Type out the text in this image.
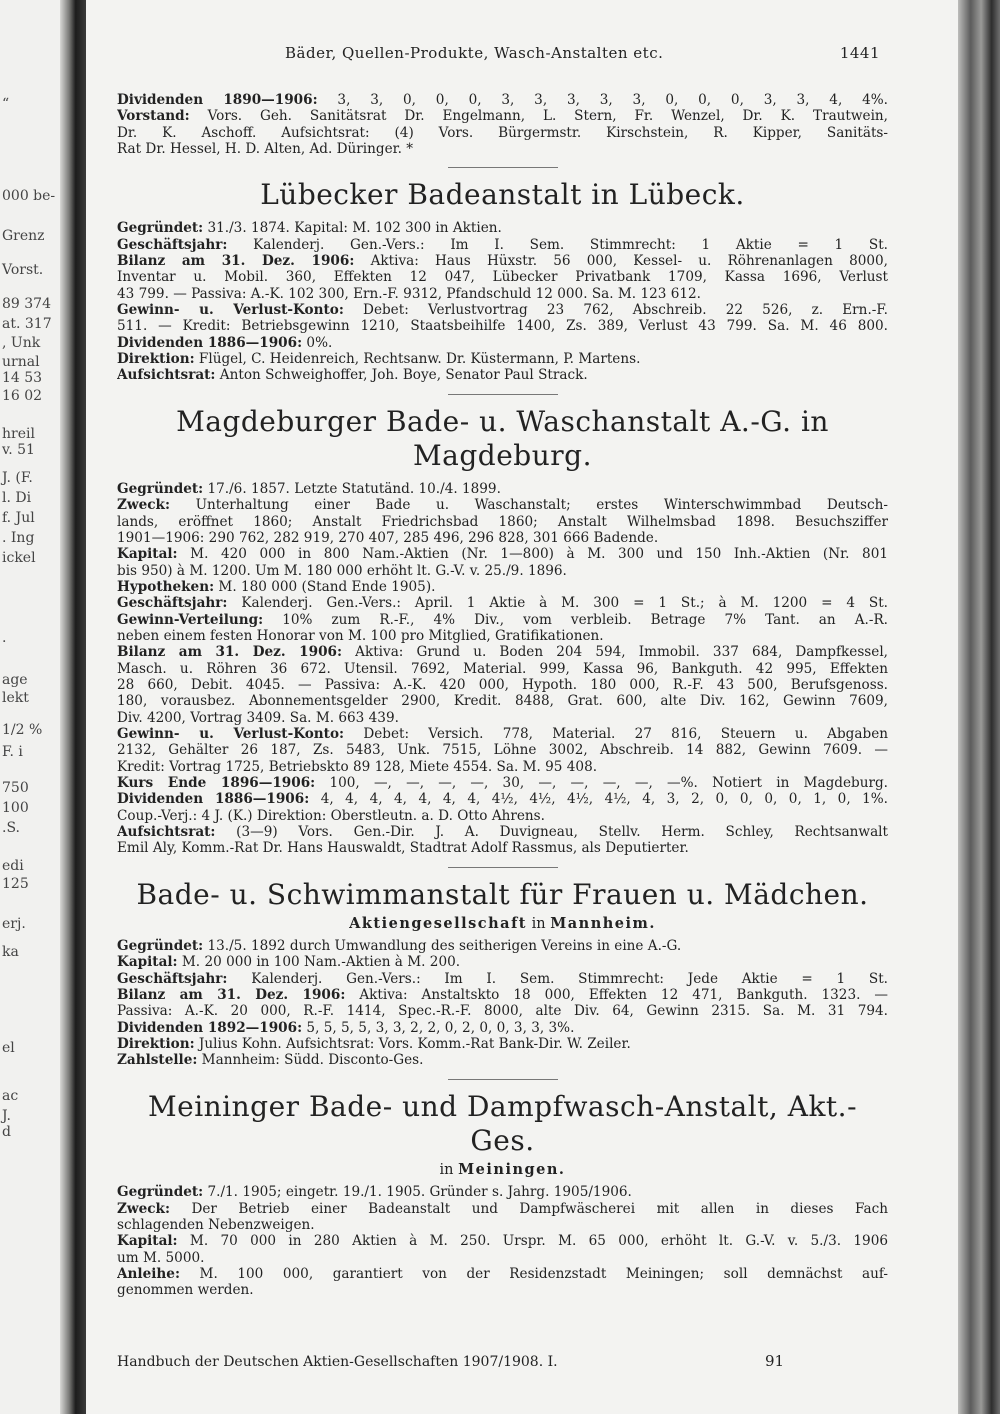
“
000 be-
Grenz
Vorst.
89 374
at. 317
, Unk
urnal
14 53
16 02
hreil
v. 51
J. (F.
l. Di
f. Jul
. Ing
ickel
.
age
lekt
1/2 %
F. i
750
100
.S.
edi
125
erj.
ka
el
ac
J.
d
Bäder, Quellen-Produkte, Wasch-Anstalten etc.	1441

Dividenden 1890—1906: 3, 3, 0, 0, 0, 3, 3, 3, 3, 3, 0, 0, 0, 3, 3, 4, 4%.

Vorstand: Vors. Geh. Sanitätsrat Dr. Engelmann, L. Stern, Fr. Wenzel, Dr. K. Trautwein,

Dr. K. Aschoff. Aufsichtsrat: (4) Vors. Bürgermstr. Kirschstein, R. Kipper, Sanitäts-

Rat Dr. Hessel, H. D. Alten, Ad. Düringer. *

Lübecker Badeanstalt in Lübeck.

Gegründet: 31./3. 1874. Kapital: M. 102 300 in Aktien.

Geschäftsjahr: Kalenderj. Gen.-Vers.: Im I. Sem. Stimmrecht: 1 Aktie = 1 St.

Bilanz am 31. Dez. 1906: Aktiva: Haus Hüxstr. 56 000, Kessel- u. Röhrenanlagen 8000,

Inventar u. Mobil. 360, Effekten 12 047, Lübecker Privatbank 1709, Kassa 1696, Verlust

43 799. — Passiva: A.-K. 102 300, Ern.-F. 9312, Pfandschuld 12 000. Sa. M. 123 612.

Gewinn- u. Verlust-Konto: Debet: Verlustvortrag 23 762, Abschreib. 22 526, z. Ern.-F.

511. — Kredit: Betriebsgewinn 1210, Staatsbeihilfe 1400, Zs. 389, Verlust 43 799. Sa. M. 46 800.

Dividenden 1886—1906: 0%.

Direktion: Flügel, C. Heidenreich, Rechtsanw. Dr. Küstermann, P. Martens.

Aufsichtsrat: Anton Schweighoffer, Joh. Boye, Senator Paul Strack.

Magdeburger Bade- u. Waschanstalt A.-G. in Magdeburg.

Gegründet: 17./6. 1857. Letzte Statutänd. 10./4. 1899.

Zweck: Unterhaltung einer Bade u. Waschanstalt; erstes Winterschwimmbad Deutsch-

lands, eröffnet 1860; Anstalt Friedrichsbad 1860; Anstalt Wilhelmsbad 1898. Besuchsziffer

1901—1906: 290 762, 282 919, 270 407, 285 496, 296 828, 301 666 Badende.

Kapital: M. 420 000 in 800 Nam.-Aktien (Nr. 1—800) à M. 300 und 150 Inh.-Aktien (Nr. 801

bis 950) à M. 1200. Um M. 180 000 erhöht lt. G.-V. v. 25./9. 1896.

Hypotheken: M. 180 000 (Stand Ende 1905).

Geschäftsjahr: Kalenderj. Gen.-Vers.: April. 1 Aktie à M. 300 = 1 St.; à M. 1200 = 4 St.

Gewinn-Verteilung: 10% zum R.-F., 4% Div., vom verbleib. Betrage 7% Tant. an A.-R.

neben einem festen Honorar von M. 100 pro Mitglied, Gratifikationen.

Bilanz am 31. Dez. 1906: Aktiva: Grund u. Boden 204 594, Immobil. 337 684, Dampfkessel,

Masch. u. Röhren 36 672. Utensil. 7692, Material. 999, Kassa 96, Bankguth. 42 995, Effekten

28 660, Debit. 4045. — Passiva: A.-K. 420 000, Hypoth. 180 000, R.-F. 43 500, Berufsgenoss.

180, vorausbez. Abonnementsgelder 2900, Kredit. 8488, Grat. 600, alte Div. 162, Gewinn 7609,

Div. 4200, Vortrag 3409. Sa. M. 663 439.

Gewinn- u. Verlust-Konto: Debet: Versich. 778, Material. 27 816, Steuern u. Abgaben

2132, Gehälter 26 187, Zs. 5483, Unk. 7515, Löhne 3002, Abschreib. 14 882, Gewinn 7609. —

Kredit: Vortrag 1725, Betriebskto 89 128, Miete 4554. Sa. M. 95 408.

Kurs Ende 1896—1906: 100, —, —, —, —, 30, —, —, —, —, —%. Notiert in Magdeburg.

Dividenden 1886—1906: 4, 4, 4, 4, 4, 4, 4, 4½, 4½, 4½, 4½, 4, 3, 2, 0, 0, 0, 0, 1, 0, 1%.

Coup.-Verj.: 4 J. (K.) Direktion: Oberstleutn. a. D. Otto Ahrens.

Aufsichtsrat: (3—9) Vors. Gen.-Dir. J. A. Duvigneau, Stellv. Herm. Schley, Rechtsanwalt

Emil Aly, Komm.-Rat Dr. Hans Hauswaldt, Stadtrat Adolf Rassmus, als Deputierter.

Bade- u. Schwimmanstalt für Frauen u. Mädchen.
Aktiengesellschaft in Mannheim.

Gegründet: 13./5. 1892 durch Umwandlung des seitherigen Vereins in eine A.-G.

Kapital: M. 20 000 in 100 Nam.-Aktien à M. 200.

Geschäftsjahr: Kalenderj. Gen.-Vers.: Im I. Sem. Stimmrecht: Jede Aktie = 1 St.

Bilanz am 31. Dez. 1906: Aktiva: Anstaltskto 18 000, Effekten 12 471, Bankguth. 1323. —

Passiva: A.-K. 20 000, R.-F. 1414, Spec.-R.-F. 8000, alte Div. 64, Gewinn 2315. Sa. M. 31 794.

Dividenden 1892—1906: 5, 5, 5, 5, 3, 3, 2, 2, 0, 2, 0, 0, 3, 3, 3%.

Direktion: Julius Kohn. Aufsichtsrat: Vors. Komm.-Rat Bank-Dir. W. Zeiler.

Zahlstelle: Mannheim: Südd. Disconto-Ges.

Meininger Bade- und Dampfwasch-Anstalt, Akt.-Ges.
in Meiningen.

Gegründet: 7./1. 1905; eingetr. 19./1. 1905. Gründer s. Jahrg. 1905/1906.

Zweck: Der Betrieb einer Badeanstalt und Dampfwäscherei mit allen in dieses Fach

schlagenden Nebenzweigen.

Kapital: M. 70 000 in 280 Aktien à M. 250. Urspr. M. 65 000, erhöht lt. G.-V. v. 5./3. 1906

um M. 5000.

Anleihe: M. 100 000, garantiert von der Residenzstadt Meiningen; soll demnächst auf-

genommen werden.

Handbuch der Deutschen Aktien-Gesellschaften 1907/1908. I.	91
